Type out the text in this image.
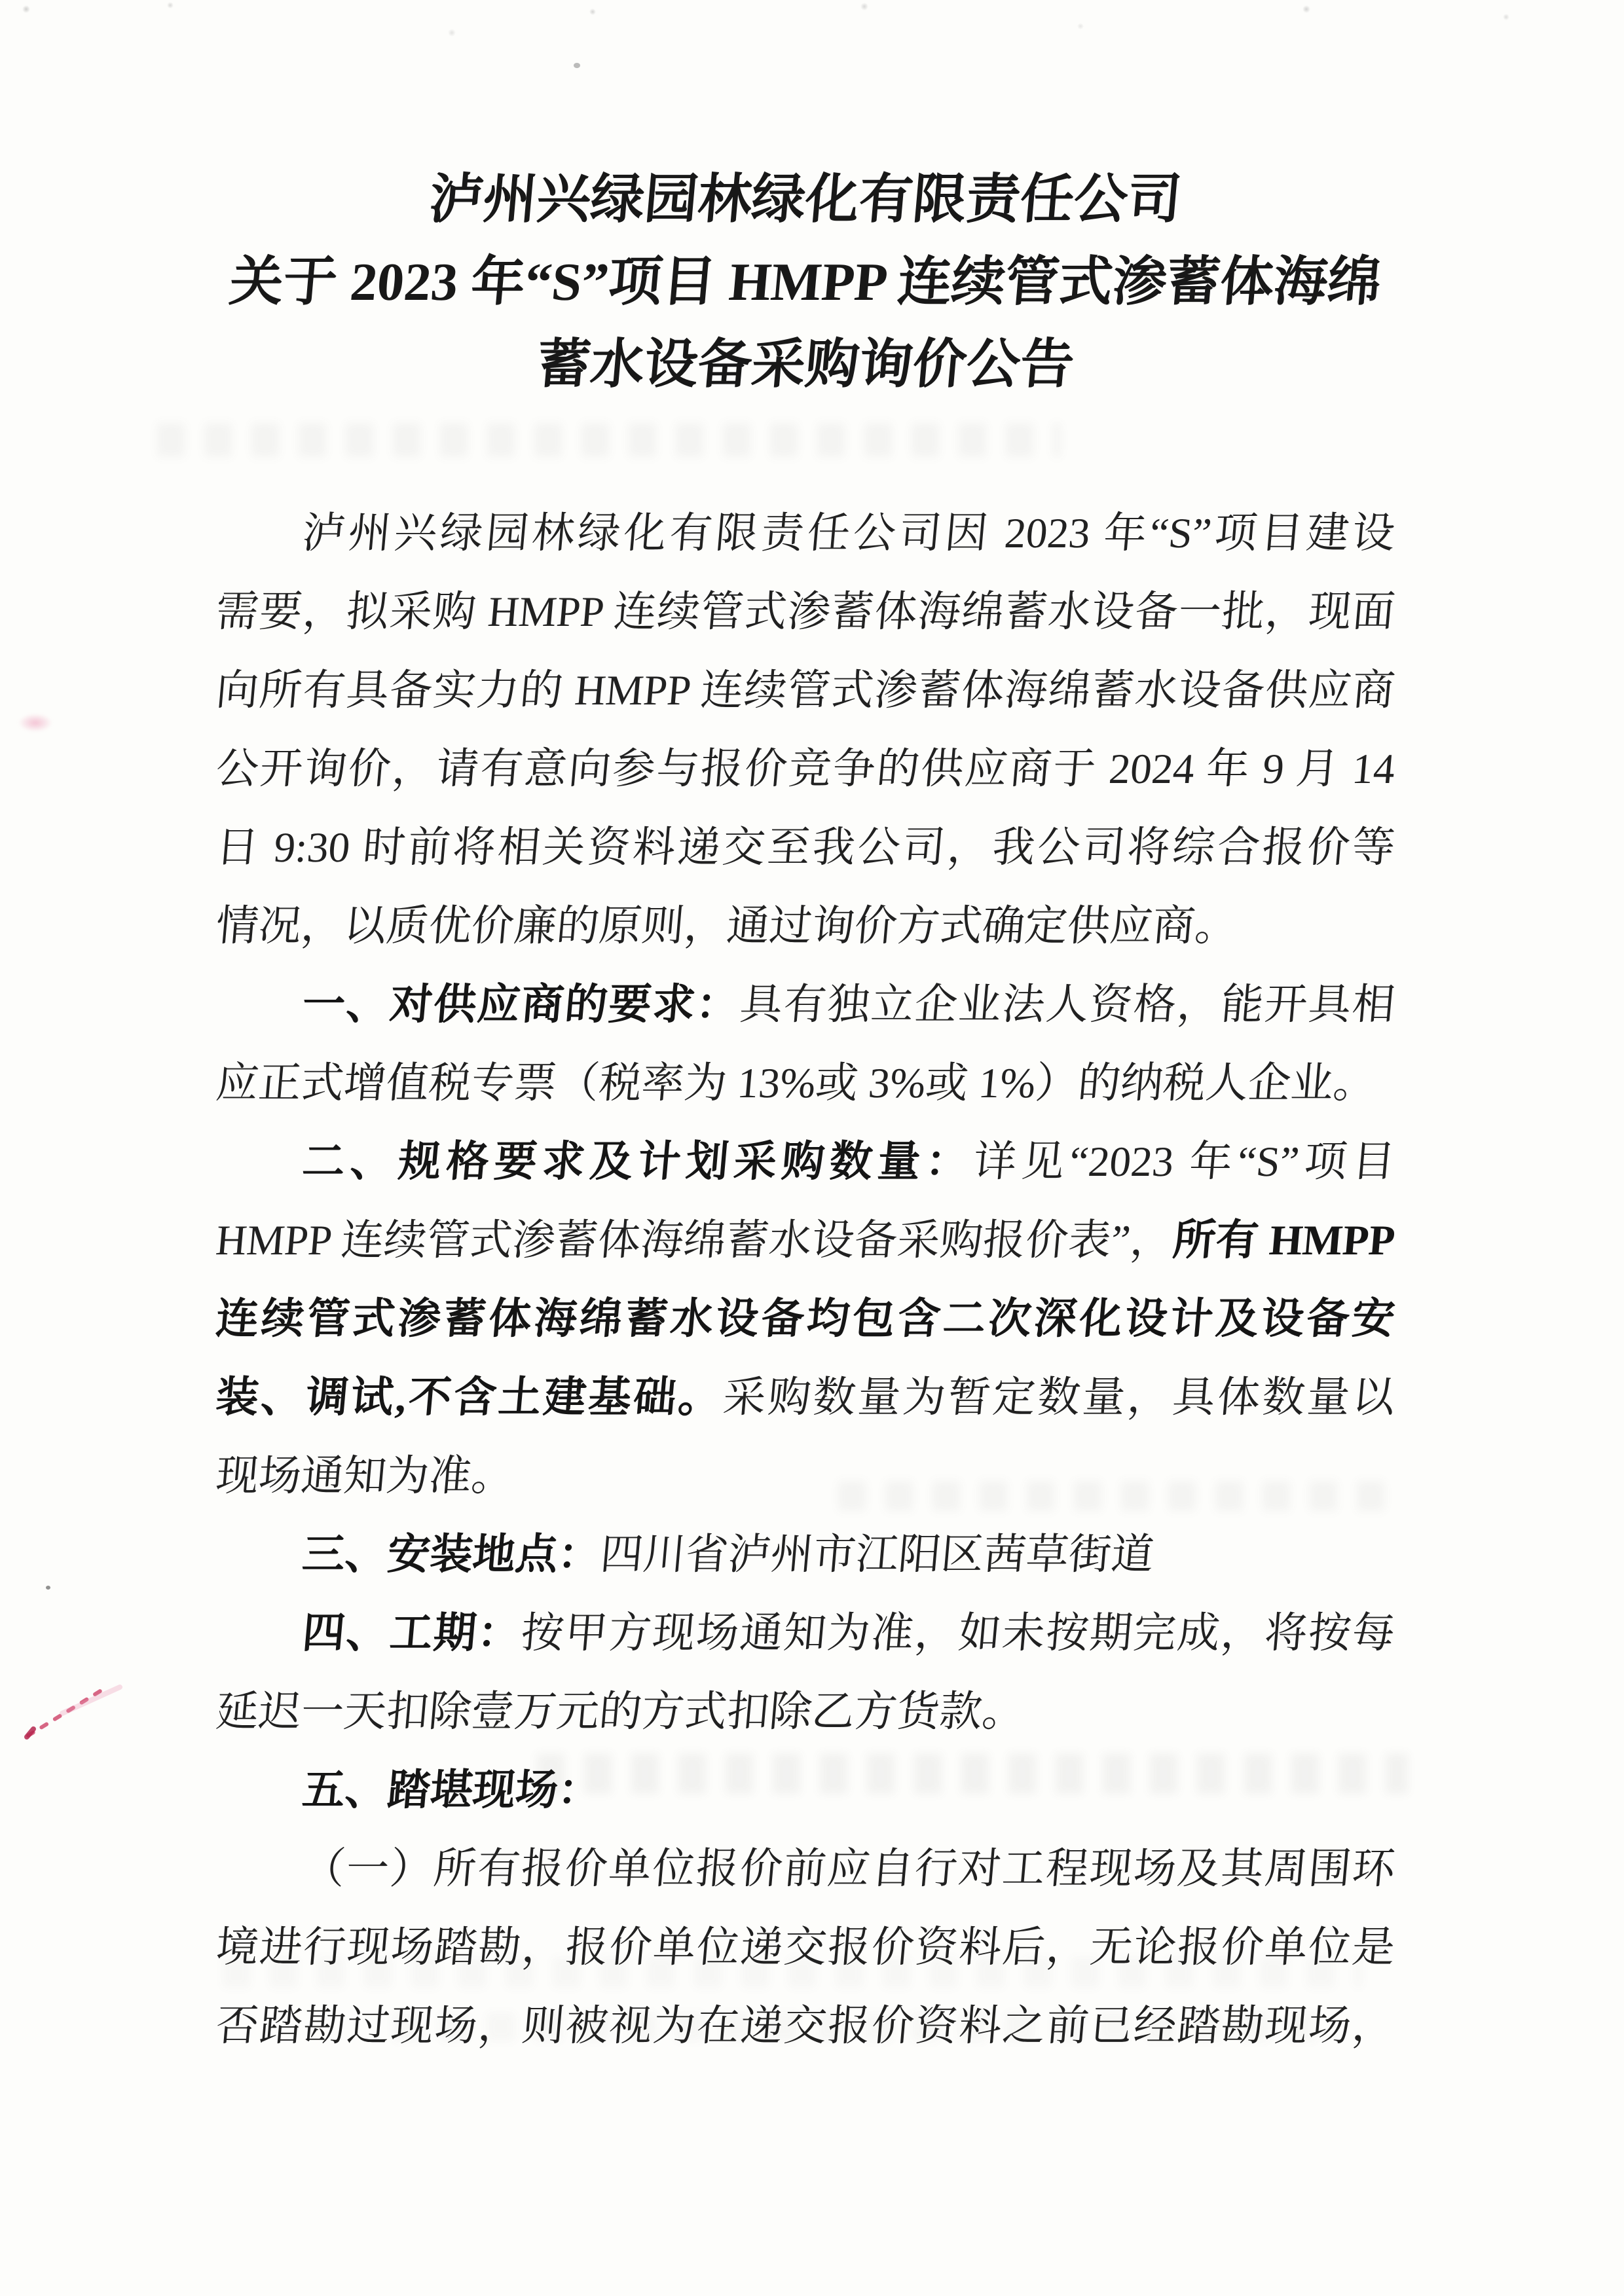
泸州兴绿园林绿化有限责任公司
关于 2023 年“S”项目 HMPP 连续管式渗蓄体海绵
蓄水设备采购询价公告
泸州兴绿园林绿化有限责任公司因 2023 年“S”项目建设
需要，拟采购 HMPP 连续管式渗蓄体海绵蓄水设备一批，现面
向所有具备实力的 HMPP 连续管式渗蓄体海绵蓄水设备供应商
公开询价，请有意向参与报价竞争的供应商于 2024 年 9 月 14
日 9:30 时前将相关资料递交至我公司，我公司将综合报价等
情况，以质优价廉的原则，通过询价方式确定供应商。
一、对供应商的要求：具有独立企业法人资格，能开具相
应正式增值税专票（税率为 13%或 3%或 1%）的纳税人企业。
二、规格要求及计划采购数量：详见“2023 年“S”项目
HMPP 连续管式渗蓄体海绵蓄水设备采购报价表”，所有 HMPP
连续管式渗蓄体海绵蓄水设备均包含二次深化设计及设备安
装、调试,不含土建基础。采购数量为暂定数量，具体数量以
现场通知为准。
三、安装地点：四川省泸州市江阳区茜草街道
四、工期：按甲方现场通知为准，如未按期完成，将按每
延迟一天扣除壹万元的方式扣除乙方货款。
五、踏堪现场：
（一）所有报价单位报价前应自行对工程现场及其周围环
境进行现场踏勘，报价单位递交报价资料后，无论报价单位是
否踏勘过现场，则被视为在递交报价资料之前已经踏勘现场，
